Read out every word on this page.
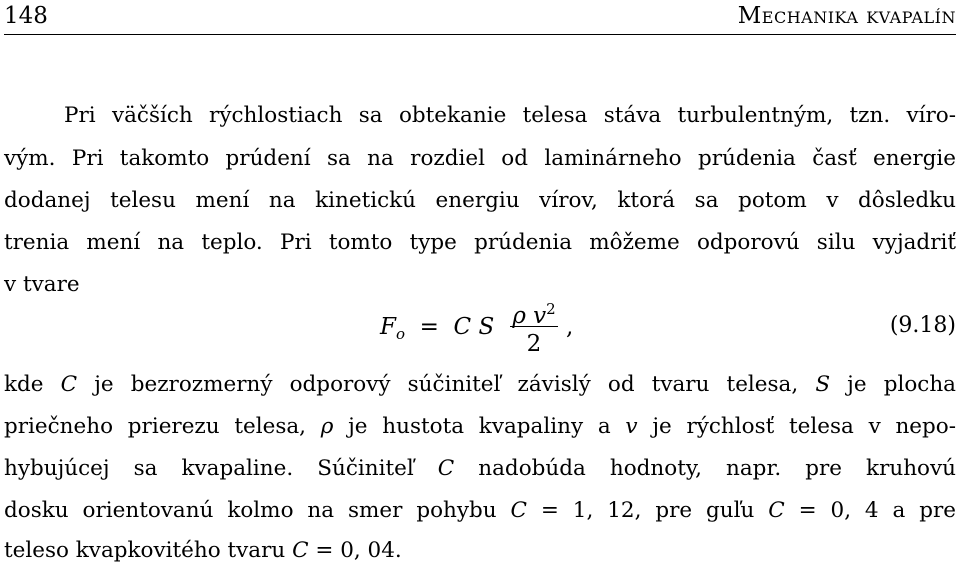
148	Mechanika kvapalín
Pri väčších rýchlostiach sa obtekanie telesa stáva turbulentným, tzn. víro-
vým. Pri takomto prúdení sa na rozdiel od laminárneho prúdenia časť energie
dodanej telesu mení na kinetickú energiu vírov, ktorá sa potom v dôsledku
trenia mení na teplo. Pri tomto type prúdenia môžeme odporovú silu vyjadriť
v tvare
$F_o = C$ S ρ $v^2$
2
,	(9.18)
kde C je bezrozmerný odporový súčiniteľ závislý od tvaru telesa, S je plocha
priečneho prierezu telesa, ρ je hustota kvapaliny a v je rýchlosť telesa v nepo-
hybujúcej sa kvapaline. Súčiniteľ C nadobúda hodnoty, napr. pre kruhovú
dosku orientovanú kolmo na smer pohybu C = 1, 12, pre guľu C = 0, 4 a pre
teleso kvapkovitého tvaru C = 0, 04.
